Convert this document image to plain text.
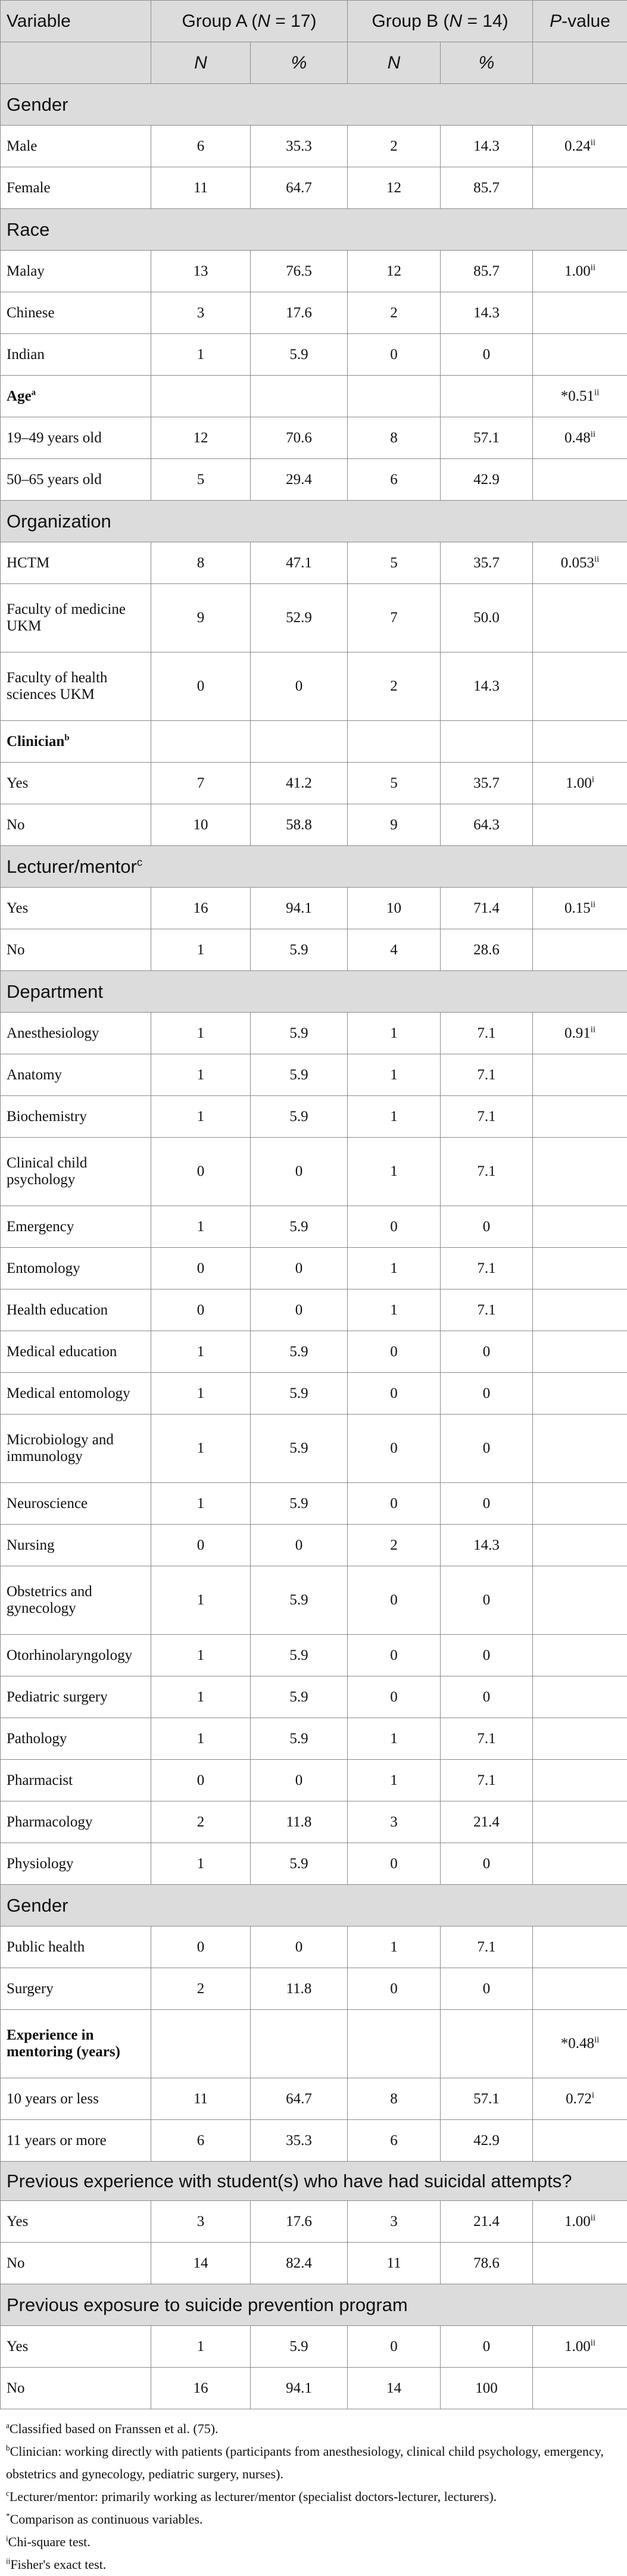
Variable	Group A (N = 17)		Group B (N = 14)		P-value
	N	%	N	%	
Gender					
Male	6	35.3	2	14.3	0.24$^{ii}$
Female	11	64.7	12	85.7	
Race					
Malay	13	76.5	12	85.7	1.00$^{ii}$
Chinese	3	17.6	2	14.3	
Indian	1	5.9	0	0	
Age$^a$					*0.51$^{ii}$
19–49 years old	12	70.6	8	57.1	0.48$^{ii}$
50–65 years old	5	29.4	6	42.9	
Organization					
HCTM	8	47.1	5	35.7	0.053$^{ii}$
Faculty of medicine UKM	9	52.9	7	50.0	
Faculty of health sciences UKM	0	0	2	14.3	
Clinician$^b$					
Yes	7	41.2	5	35.7	1.00$^i$
No	10	58.8	9	64.3	
Lecturer/mentor$^c$
Yes	16	94.1	10	71.4	0.15$^{ii}$
No	1	5.9	4	28.6	
Department					
Anesthesiology	1	5.9	1	7.1	0.91$^{ii}$
Anatomy	1	5.9	1	7.1	
Biochemistry	1	5.9	1	7.1	
Clinical child psychology	0	0	1	7.1	
Emergency	1	5.9	0	0	
Entomology	0	0	1	7.1	
Health education	0	0	1	7.1	
Medical education	1	5.9	0	0	
Medical entomology	1	5.9	0	0	
Microbiology and immunology	1	5.9	0	0	
Neuroscience	1	5.9	0	0	
Nursing	0	0	2	14.3	
Obstetrics and gynecology	1	5.9	0	0	
Otorhinolaryngology	1	5.9	0	0	
Pediatric surgery	1	5.9	0	0	
Pathology	1	5.9	1	7.1	
Pharmacist	0	0	1	7.1	
Pharmacology	2	11.8	3	21.4	
Physiology	1	5.9	0	0	
Gender					
Public health	0	0	1	7.1	
Surgery	2	11.8	0	0	
Experience in mentoring (years)					*0.48$^{ii}$
10 years or less	11	64.7	8	57.1	0.72$^i$
11 years or more	6	35.3	6	42.9	
Previous experience with student(s) who have had suicidal attempts?					
Yes	3	17.6	3	21.4	1.00$^{ii}$
No	14	82.4	11	78.6	
Previous exposure to suicide prevention program					
Yes	1	5.9	0	0	1.00$^{ii}$
No	16	94.1	14	100	
$^a$Classified based on Franssen et al. (75).
$^b$Clinician: working directly with patients (participants from anesthesiology, clinical child psychology, emergency, obstetrics and gynecology, pediatric surgery, nurses).
$^c$Lecturer/mentor: primarily working as lecturer/mentor (specialist doctors-lecturer, lecturers).
*Comparison as continuous variables.
$^i$Chi-square test.
$^{ii}$Fisher's exact test.
